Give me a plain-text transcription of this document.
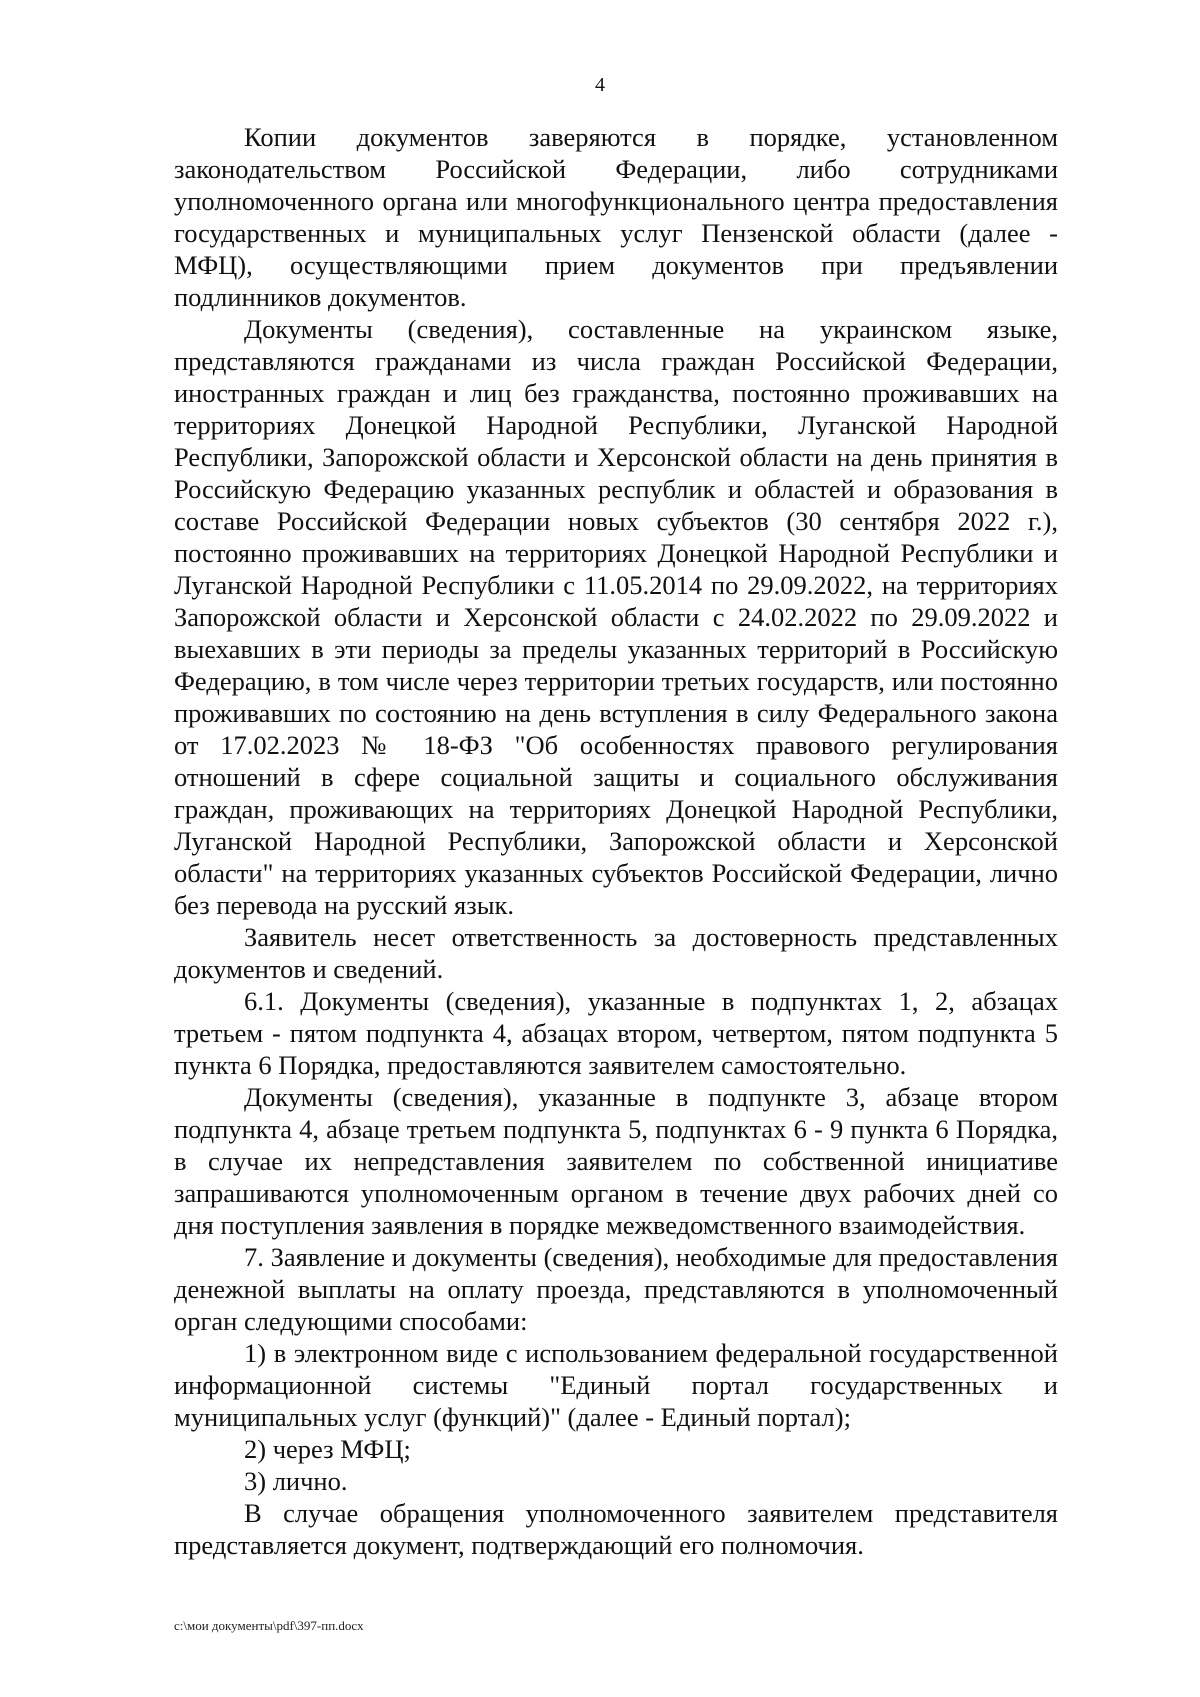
4

Копии документов заверяются в порядке, установленном законодательством Российской Федерации, либо сотрудниками уполномоченного органа или многофункционального центра предоставления государственных и муниципальных услуг Пензенской области (далее - МФЦ), осуществляющими прием документов при предъявлении подлинников документов.

Документы (сведения), составленные на украинском языке, представляются гражданами из числа граждан Российской Федерации, иностранных граждан и лиц без гражданства, постоянно проживавших на территориях Донецкой Народной Республики, Луганской Народной Республики, Запорожской области и Херсонской области на день принятия в Российскую Федерацию указанных республик и областей и образования в составе Российской Федерации новых субъектов (30 сентября 2022 г.), постоянно проживавших на территориях Донецкой Народной Республики и Луганской Народной Республики с 11.05.2014 по 29.09.2022, на территориях Запорожской области и Херсонской области с 24.02.2022 по 29.09.2022 и выехавших в эти периоды за пределы указанных территорий в Российскую Федерацию, в том числе через территории третьих государств, или постоянно проживавших по состоянию на день вступления в силу Федерального закона от 17.02.2023 № 18-ФЗ "Об особенностях правового регулирования отношений в сфере социальной защиты и социального обслуживания граждан, проживающих на территориях Донецкой Народной Республики, Луганской Народной Республики, Запорожской области и Херсонской области" на территориях указанных субъектов Российской Федерации, лично без перевода на русский язык.

Заявитель несет ответственность за достоверность представленных документов и сведений.

6.1. Документы (сведения), указанные в подпунктах 1, 2, абзацах третьем - пятом подпункта 4, абзацах втором, четвертом, пятом подпункта 5 пункта 6 Порядка, предоставляются заявителем самостоятельно.

Документы (сведения), указанные в подпункте 3, абзаце втором подпункта 4, абзаце третьем подпункта 5, подпунктах 6 - 9 пункта 6 Порядка, в случае их непредставления заявителем по собственной инициативе запрашиваются уполномоченным органом в течение двух рабочих дней со дня поступления заявления в порядке межведомственного взаимодействия.

7. Заявление и документы (сведения), необходимые для предоставления денежной выплаты на оплату проезда, представляются в уполномоченный орган следующими способами:

1) в электронном виде с использованием федеральной государственной информационной системы "Единый портал государственных и муниципальных услуг (функций)" (далее - Единый портал);

2) через МФЦ;

3) лично.

В случае обращения уполномоченного заявителем представителя представляется документ, подтверждающий его полномочия.

c:\мои документы\pdf\397-пп.docx
